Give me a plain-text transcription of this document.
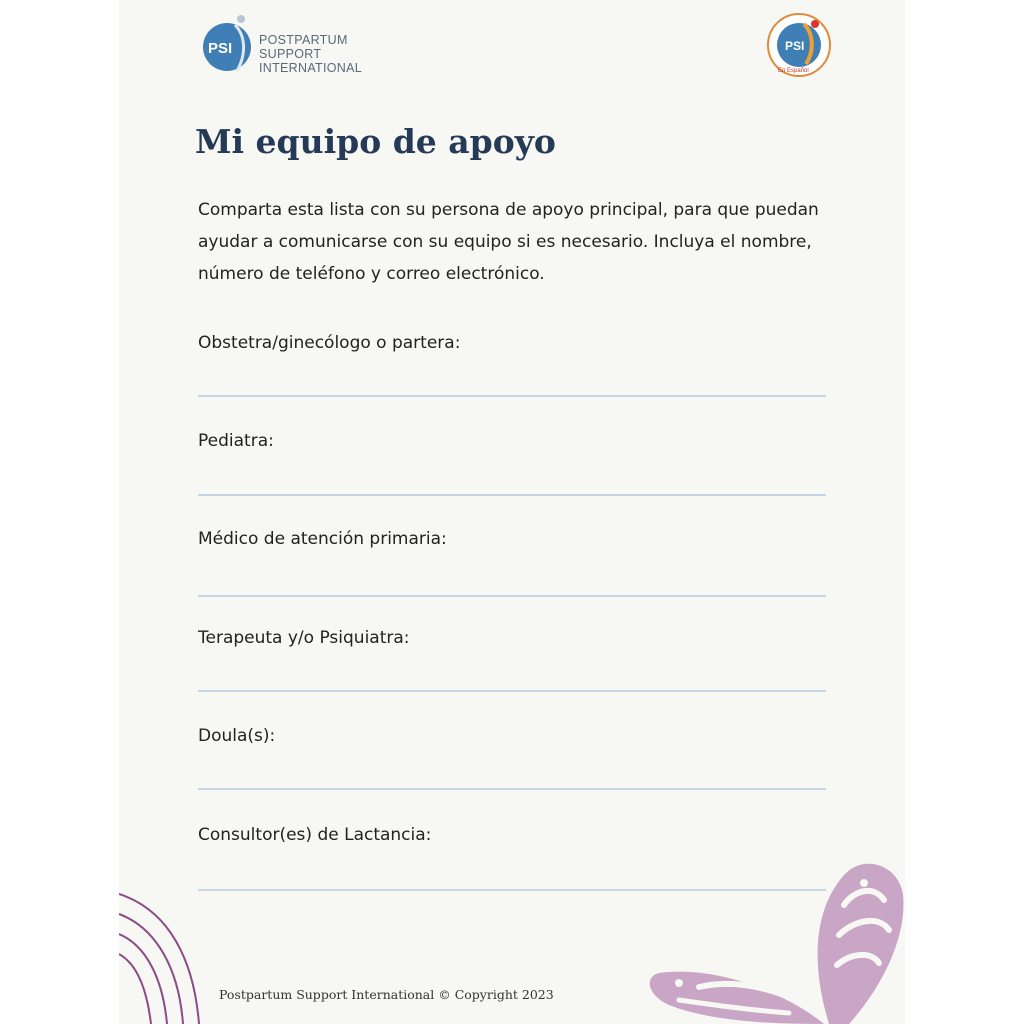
PSI POSTPARTUM SUPPORT
INTERNATIONAL
PSI
En Español
Mi equipo de apoyo

Comparta esta lista con su persona de apoyo principal, para que puedan ayudar a comunicarse con su equipo si es necesario. Incluya el nombre, número de teléfono y correo electrónico.

Obstetra/ginecólogo o partera:
Pediatra:
Médico de atención primaria:
Terapeuta y/o Psiquiatra:
Doula(s):
Consultor(es) de Lactancia:
Postpartum Support International © Copyright 2023
